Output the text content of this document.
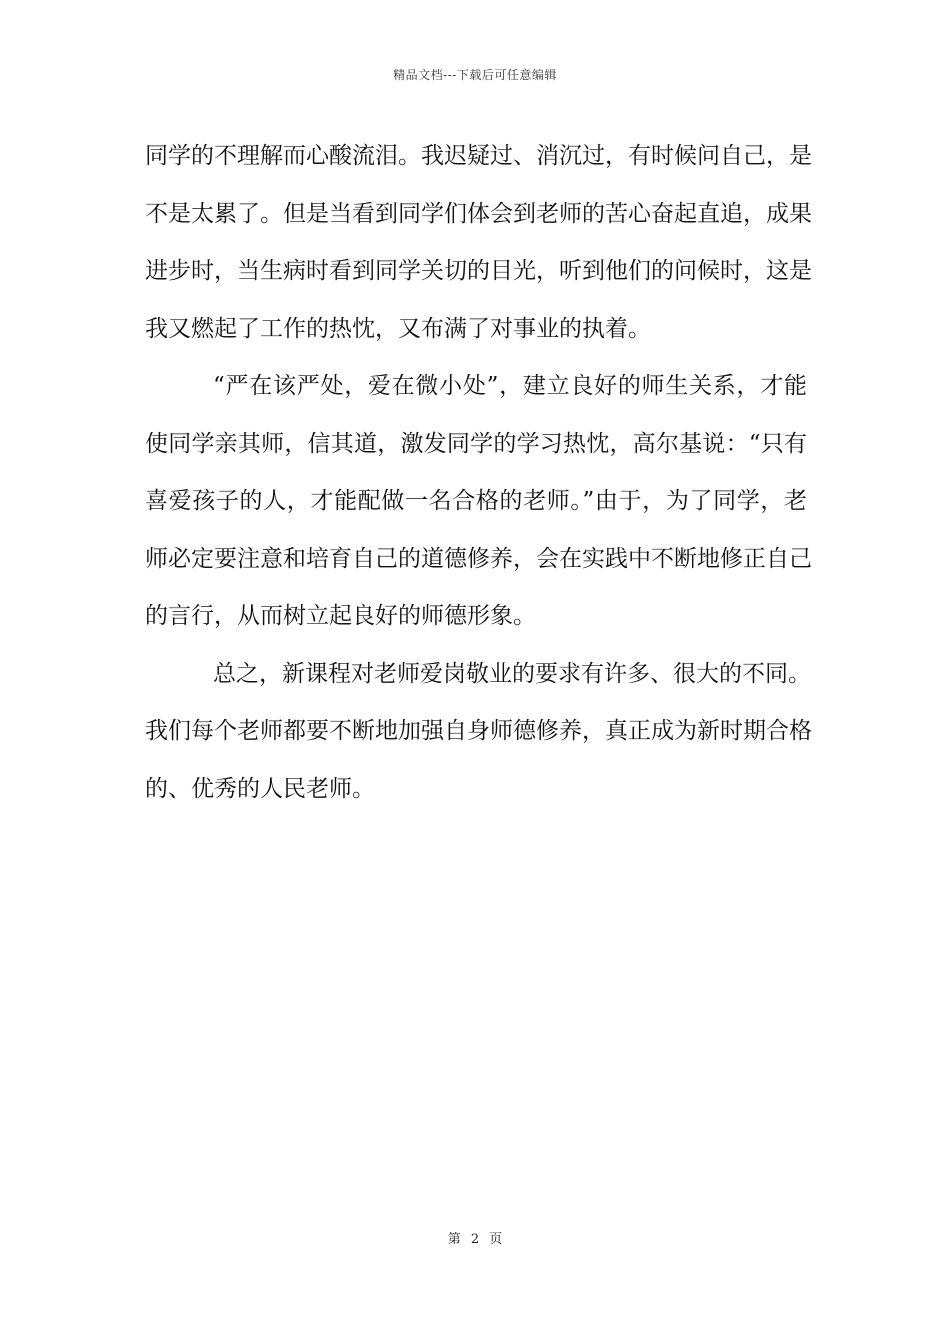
精品文档---下载后可任意编辑

同学的不理解而心酸流泪。我迟疑过、消沉过，有时候问自己，是
不是太累了。但是当看到同学们体会到老师的苦心奋起直追，成果
进步时，当生病时看到同学关切的目光，听到他们的问候时，这是
我又燃起了工作的热忱，又布满了对事业的执着。

“严在该严处，爱在微小处”，建立良好的师生关系，才能
使同学亲其师，信其道，激发同学的学习热忱，高尔基说：“只有
喜爱孩子的人，才能配做一名合格的老师。”由于，为了同学，老
师必定要注意和培育自己的道德修养，会在实践中不断地修正自己
的言行，从而树立起良好的师德形象。

总之，新课程对老师爱岗敬业的要求有许多、很大的不同。
我们每个老师都要不断地加强自身师德修养，真正成为新时期合格
的、优秀的人民老师。

第 2 页
